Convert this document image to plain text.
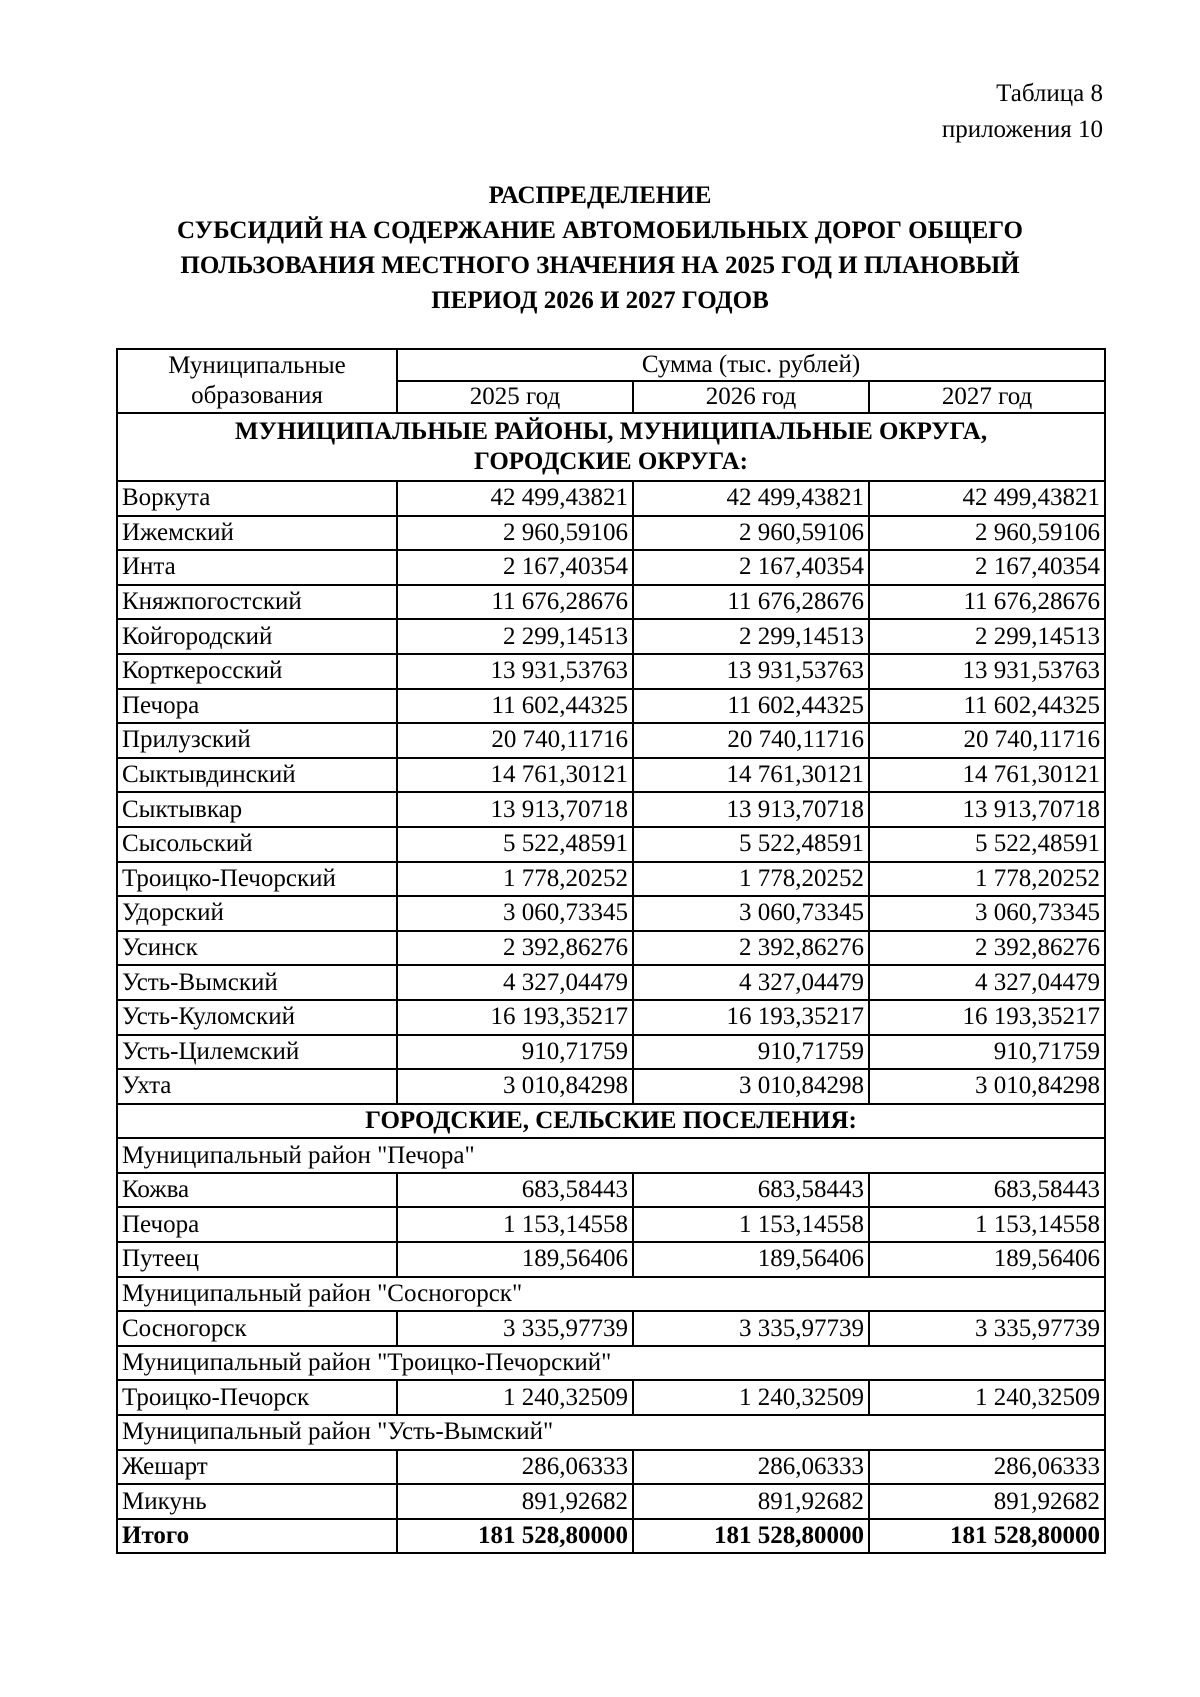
Таблица 8
приложения 10
РАСПРЕДЕЛЕНИЕ
СУБСИДИЙ НА СОДЕРЖАНИЕ АВТОМОБИЛЬНЫХ ДОРОГ ОБЩЕГО
ПОЛЬЗОВАНИЯ МЕСТНОГО ЗНАЧЕНИЯ НА 2025 ГОД И ПЛАНОВЫЙ
ПЕРИОД 2026 И 2027 ГОДОВ
Муниципальные образования	Сумма (тыс. рублей)		
	2025 год	2026 год	2027 год

МУНИЦИПАЛЬНЫЕ РАЙОНЫ, МУНИЦИПАЛЬНЫЕ ОКРУГА,
ГОРОДСКИЕ ОКРУГА:			

Воркута	42 499,43821	42 499,43821	42 499,43821
Ижемский	2 960,59106	2 960,59106	2 960,59106
Инта	2 167,40354	2 167,40354	2 167,40354
Княжпогостский	11 676,28676	11 676,28676	11 676,28676
Койгородский	2 299,14513	2 299,14513	2 299,14513
Корткеросский	13 931,53763	13 931,53763	13 931,53763
Печора	11 602,44325	11 602,44325	11 602,44325
Прилузский	20 740,11716	20 740,11716	20 740,11716
Сыктывдинский	14 761,30121	14 761,30121	14 761,30121
Сыктывкар	13 913,70718	13 913,70718	13 913,70718
Сысольский	5 522,48591	5 522,48591	5 522,48591
Троицко-Печорский	1 778,20252	1 778,20252	1 778,20252
Удорский	3 060,73345	3 060,73345	3 060,73345
Усинск	2 392,86276	2 392,86276	2 392,86276
Усть-Вымский	4 327,04479	4 327,04479	4 327,04479
Усть-Куломский	16 193,35217	16 193,35217	16 193,35217
Усть-Цилемский	910,71759	910,71759	910,71759
Ухта	3 010,84298	3 010,84298	3 010,84298
ГОРОДСКИЕ, СЕЛЬСКИЕ ПОСЕЛЕНИЯ:			
Муниципальный район "Печора"			
Кожва	683,58443	683,58443	683,58443
Печора	1 153,14558	1 153,14558	1 153,14558
Путеец	189,56406	189,56406	189,56406
Муниципальный район "Сосногорск"			
Сосногорск	3 335,97739	3 335,97739	3 335,97739
Муниципальный район "Троицко-Печорский"			
Троицко-Печорск	1 240,32509	1 240,32509	1 240,32509
Муниципальный район "Усть-Вымский"			
Жешарт	286,06333	286,06333	286,06333
Микунь	891,92682	891,92682	891,92682
Итого	181 528,80000	181 528,80000	181 528,80000
